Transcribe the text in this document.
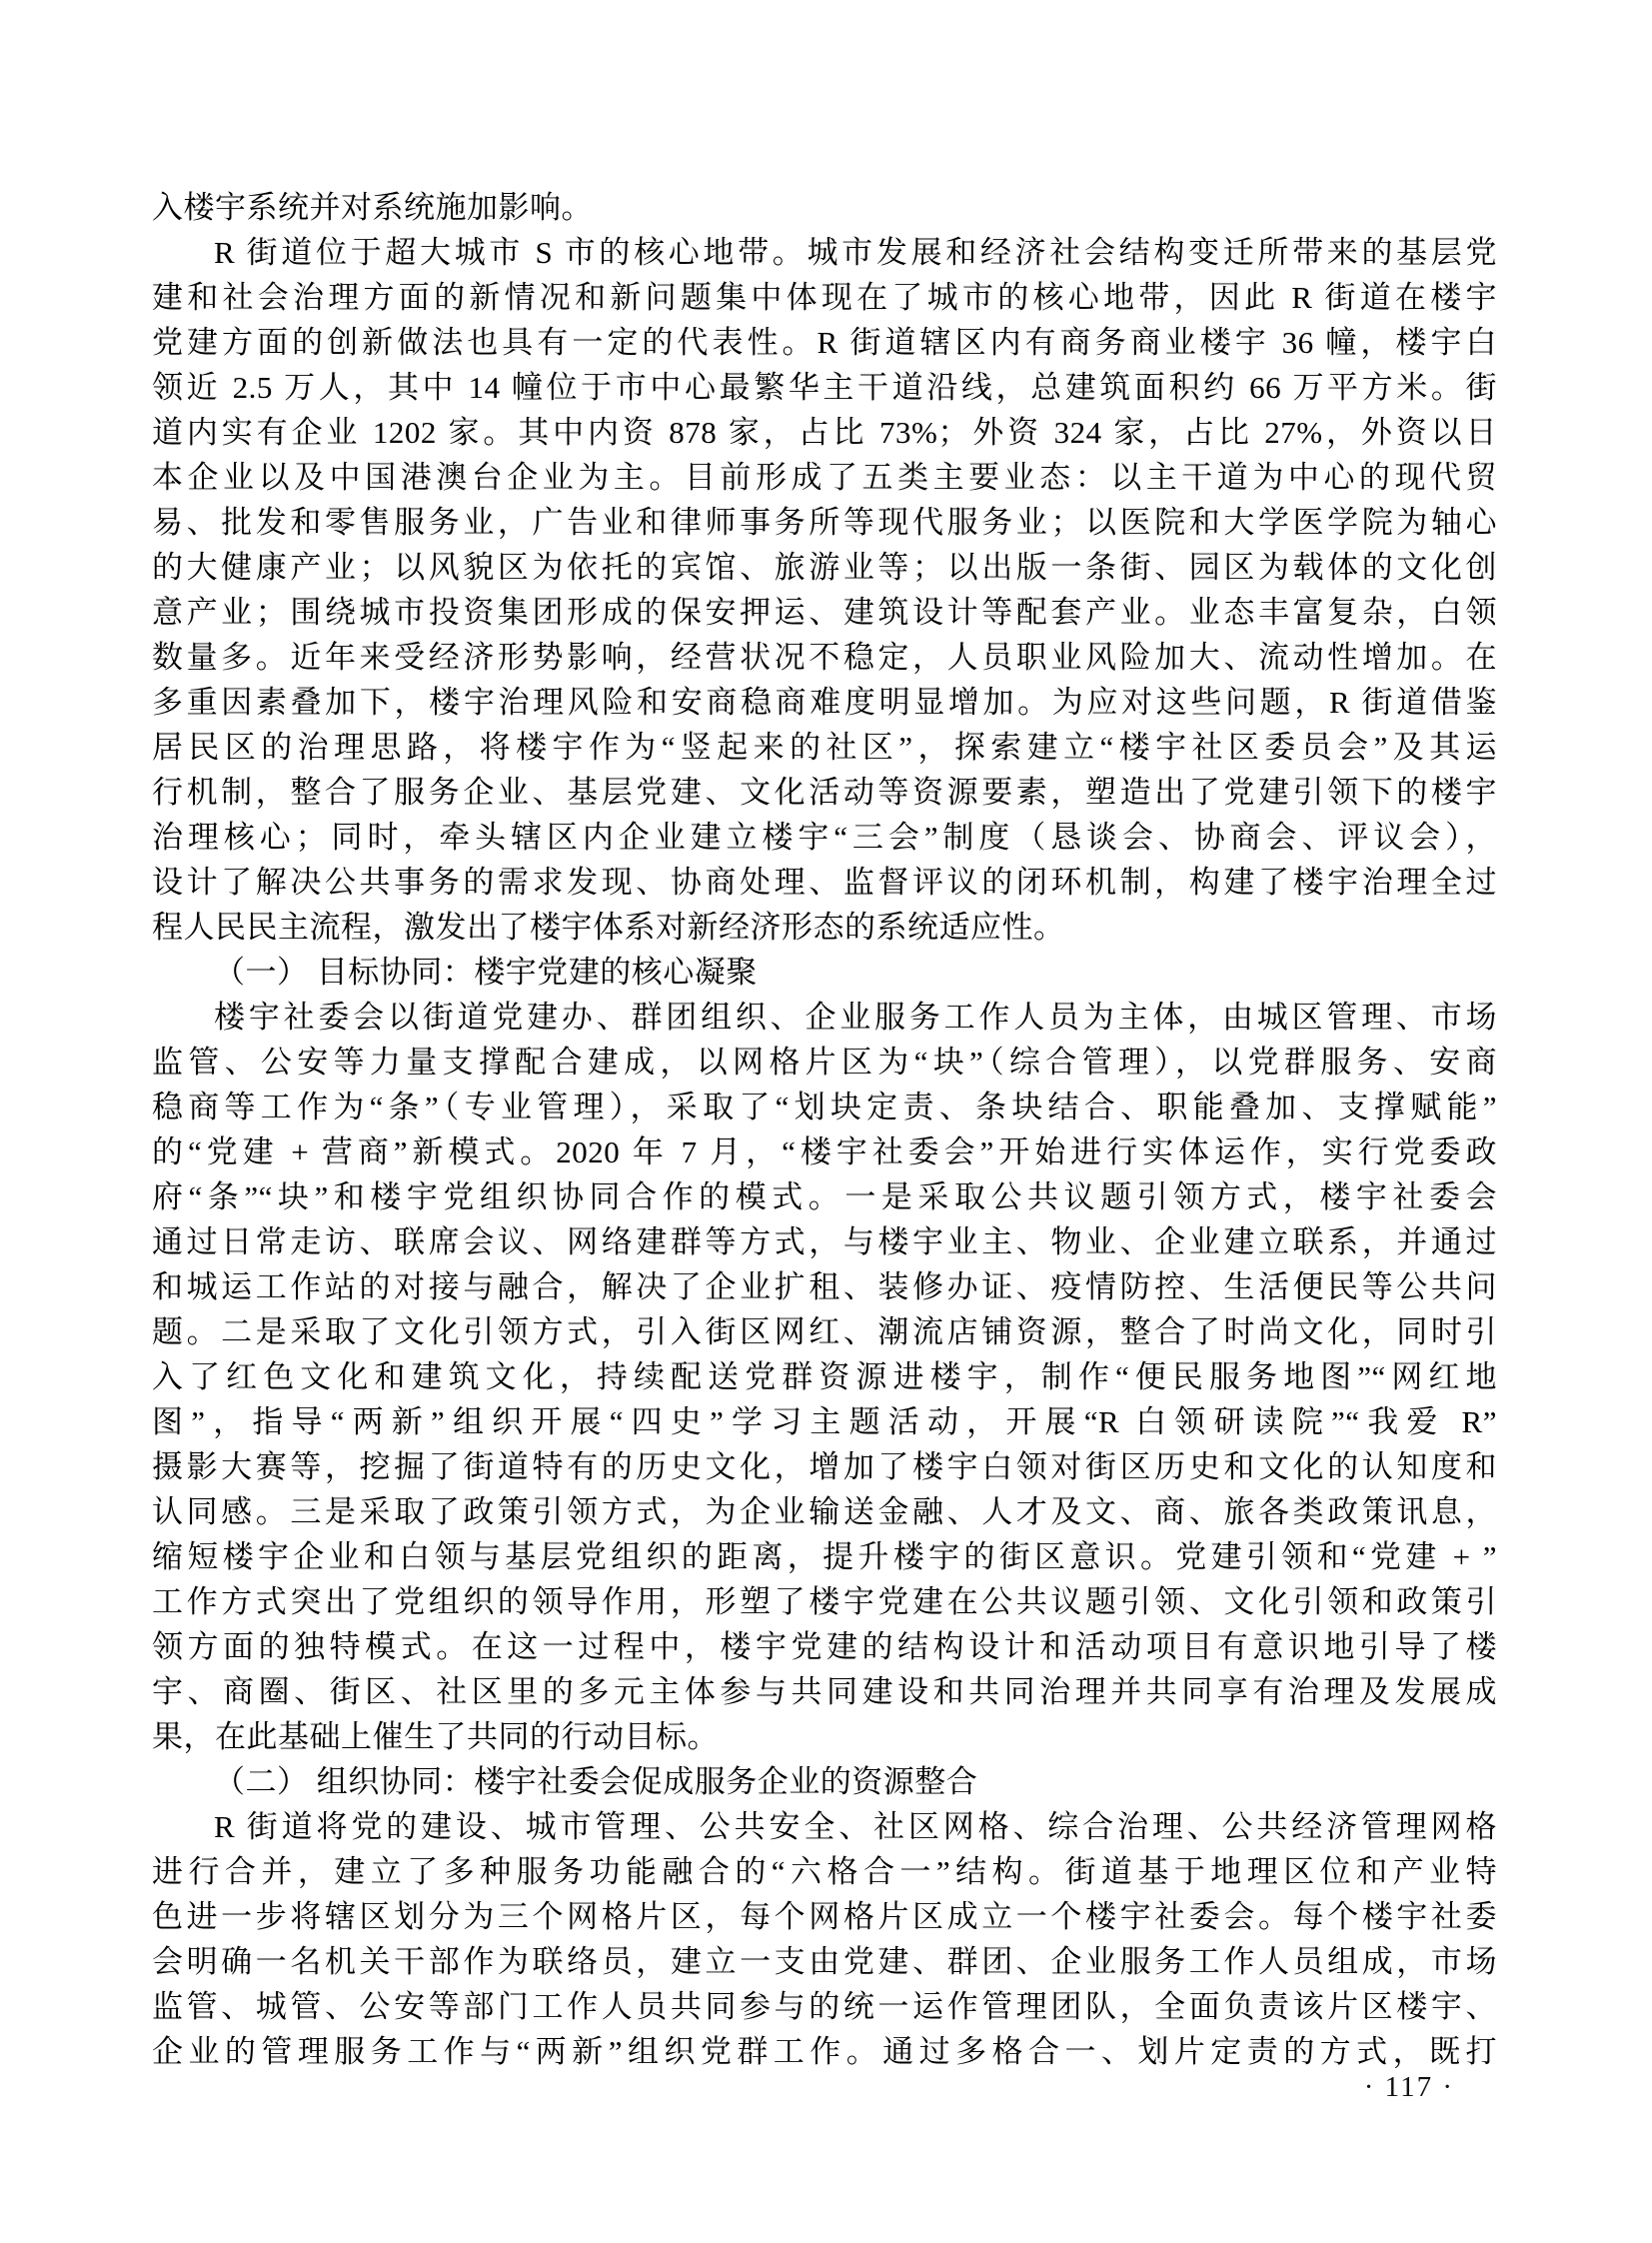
入楼宇系统并对系统施加影响。
R 街道位于超大城市 S 市的核心地带。城市发展和经济社会结构变迁所带来的基层党
建和社会治理方面的新情况和新问题集中体现在了城市的核心地带，因此 R 街道在楼宇
党建方面的创新做法也具有一定的代表性。R 街道辖区内有商务商业楼宇 36 幢，楼宇白
领近 2.5 万人，其中 14 幢位于市中心最繁华主干道沿线，总建筑面积约 66 万平方米。街
道内实有企业 1202 家。其中内资 878 家，占比 73%；外资 324 家，占比 27%，外资以日
本企业以及中国港澳台企业为主。目前形成了五类主要业态：以主干道为中心的现代贸
易、批发和零售服务业，广告业和律师事务所等现代服务业；以医院和大学医学院为轴心
的大健康产业；以风貌区为依托的宾馆、旅游业等；以出版一条街、园区为载体的文化创
意产业；围绕城市投资集团形成的保安押运、建筑设计等配套产业。业态丰富复杂，白领
数量多。近年来受经济形势影响，经营状况不稳定，人员职业风险加大、流动性增加。在
多重因素叠加下，楼宇治理风险和安商稳商难度明显增加。为应对这些问题，R 街道借鉴
居民区的治理思路，将楼宇作为“竖起来的社区”，探索建立“楼宇社区委员会”及其运
行机制，整合了服务企业、基层党建、文化活动等资源要素，塑造出了党建引领下的楼宇
治理核心；同时，牵头辖区内企业建立楼宇“三会”制度（恳谈会、协商会、评议会），
设计了解决公共事务的需求发现、协商处理、监督评议的闭环机制，构建了楼宇治理全过
程人民民主流程，激发出了楼宇体系对新经济形态的系统适应性。
（一） 目标协同：楼宇党建的核心凝聚
楼宇社委会以街道党建办、群团组织、企业服务工作人员为主体，由城区管理、市场
监管、公安等力量支撑配合建成，以网格片区为“块”（综合管理），以党群服务、安商
稳商等工作为“条”（专业管理），采取了“划块定责、条块结合、职能叠加、支撑赋能”
的“党建 + 营商”新模式。2020 年 7 月，“楼宇社委会”开始进行实体运作，实行党委政
府“条”“块”和楼宇党组织协同合作的模式。一是采取公共议题引领方式，楼宇社委会
通过日常走访、联席会议、网络建群等方式，与楼宇业主、物业、企业建立联系，并通过
和城运工作站的对接与融合，解决了企业扩租、装修办证、疫情防控、生活便民等公共问
题。二是采取了文化引领方式，引入街区网红、潮流店铺资源，整合了时尚文化，同时引
入了红色文化和建筑文化，持续配送党群资源进楼宇，制作“便民服务地图”“网红地
图”，指导“两新”组织开展“四史”学习主题活动，开展“R 白领研读院”“我爱 R”
摄影大赛等，挖掘了街道特有的历史文化，增加了楼宇白领对街区历史和文化的认知度和
认同感。三是采取了政策引领方式，为企业输送金融、人才及文、商、旅各类政策讯息，
缩短楼宇企业和白领与基层党组织的距离，提升楼宇的街区意识。党建引领和“党建 + ”
工作方式突出了党组织的领导作用，形塑了楼宇党建在公共议题引领、文化引领和政策引
领方面的独特模式。在这一过程中，楼宇党建的结构设计和活动项目有意识地引导了楼
宇、商圈、街区、社区里的多元主体参与共同建设和共同治理并共同享有治理及发展成
果，在此基础上催生了共同的行动目标。
（二） 组织协同：楼宇社委会促成服务企业的资源整合
R 街道将党的建设、城市管理、公共安全、社区网格、综合治理、公共经济管理网格
进行合并，建立了多种服务功能融合的“六格合一”结构。街道基于地理区位和产业特
色进一步将辖区划分为三个网格片区，每个网格片区成立一个楼宇社委会。每个楼宇社委
会明确一名机关干部作为联络员，建立一支由党建、群团、企业服务工作人员组成，市场
监管、城管、公安等部门工作人员共同参与的统一运作管理团队，全面负责该片区楼宇、
企业的管理服务工作与“两新”组织党群工作。通过多格合一、划片定责的方式，既打
· 117 ·
